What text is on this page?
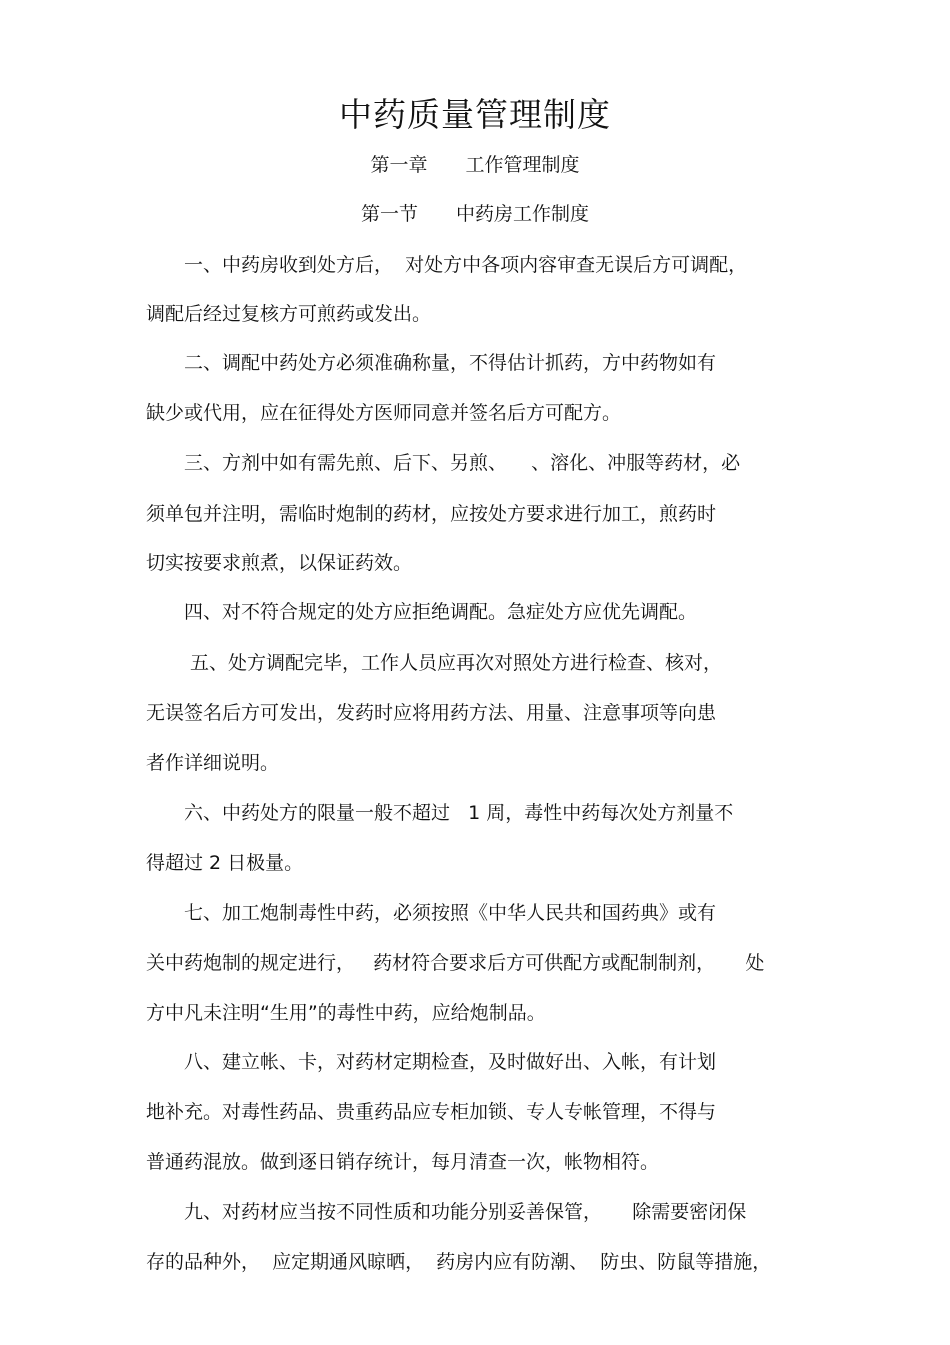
中药质量管理制度
第一章　　工作管理制度
第一节　　中药房工作制度
　　一、中药房收到处方后，  对处方中各项内容审查无误后方可调配，
调配后经过复核方可煎药或发出。
　　二、调配中药处方必须准确称量，不得估计抓药，方中药物如有
缺少或代用，应在征得处方医师同意并签名后方可配方。
　　三、方剂中如有需先煎、后下、另煎、    、溶化、冲服等药材，必
须单包并注明，需临时炮制的药材，应按处方要求进行加工，煎药时
切实按要求煎煮，以保证药效。
　　四、对不符合规定的处方应拒绝调配。急症处方应优先调配。
　　 五、处方调配完毕，工作人员应再次对照处方进行检查、核对，
无误签名后方可发出，发药时应将用药方法、用量、注意事项等向患
者作详细说明。
　　六、中药处方的限量一般不超过   1 周，毒性中药每次处方剂量不
得超过 2 日极量。
　　七、加工炮制毒性中药，必须按照《中华人民共和国药典》或有
关中药炮制的规定进行，   药材符合要求后方可供配方或配制制剂，     处
方中凡未注明“生用”的毒性中药，应给炮制品。
　　八、建立帐、卡，对药材定期检查，及时做好出、入帐，有计划
地补充。对毒性药品、贵重药品应专柜加锁、专人专帐管理，不得与
普通药混放。做到逐日销存统计，每月清查一次，帐物相符。
　　九、对药材应当按不同性质和功能分别妥善保管，     除需要密闭保
存的品种外，  应定期通风晾晒，  药房内应有防潮、  防虫、防鼠等措施，
